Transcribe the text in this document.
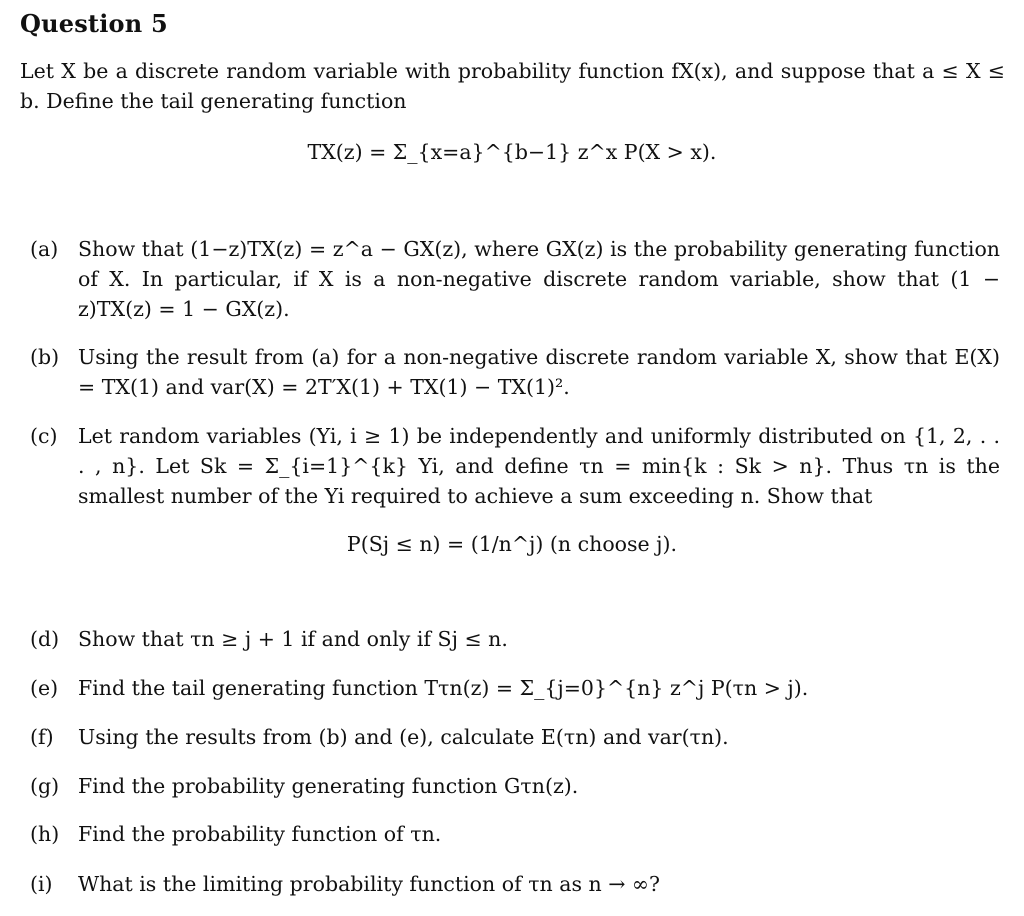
Question 5
Let X be a discrete random variable with probability function fX(x), and suppose that a ≤ X ≤ b. Define the tail generating function
TX(z) = Σ_{x=a}^{b−1} z^x P(X > x).
(a) Show that (1−z)TX(z) = z^a − GX(z), where GX(z) is the probability generating function of X. In particular, if X is a non-negative discrete random variable, show that (1 − z)TX(z) = 1 − GX(z).
(b) Using the result from (a) for a non-negative discrete random variable X, show that E(X) = TX(1) and var(X) = 2T′X(1) + TX(1) − TX(1)².
(c)	Let random variables (Yi, i ≥ 1) be independently and uniformly distributed on {1, 2, . . . , n}. Let Sk = Σ_{i=1}^{k} Yi, and define τn = min{k : Sk > n}. Thus τn is the smallest number of the Yi required to achieve a sum exceeding n. Show that
P(Sj ≤ n) = (1/n^j) (n choose j).
(d) Show that τn ≥ j + 1 if and only if Sj ≤ n.
(e) Find the tail generating function Tτn(z) = Σ_{j=0}^{n} z^j P(τn > j).
(f)	Using the results from (b) and (e), calculate E(τn) and var(τn).
(g) Find the probability generating function Gτn(z).
(h) Find the probability function of τn.
(i)	What is the limiting probability function of τn as n → ∞?
